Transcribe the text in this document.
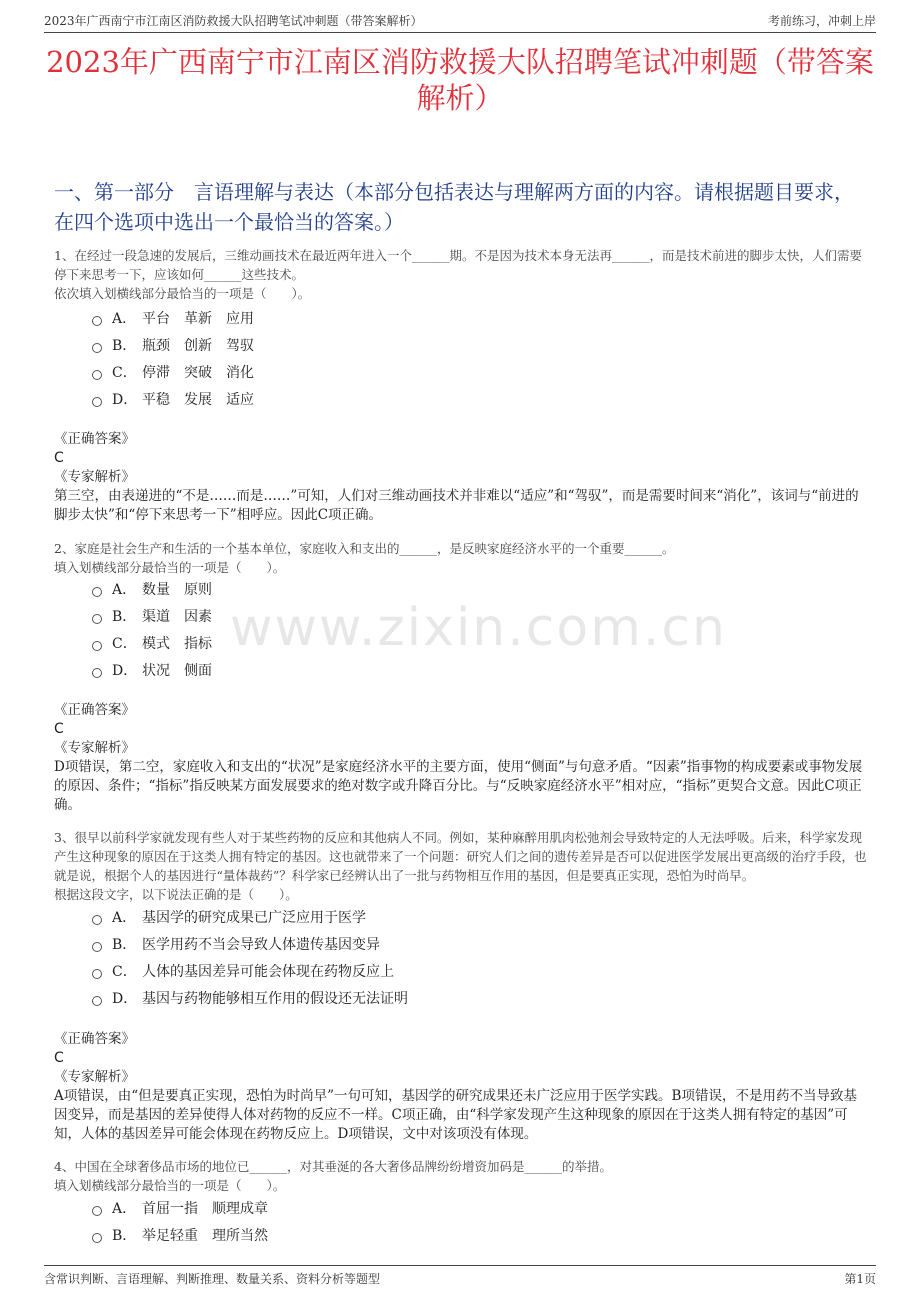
2023年广西南宁市江南区消防救援大队招聘笔试冲刺题（带答案解析）	考前练习，冲刺上岸
2023年广西南宁市江南区消防救援大队招聘笔试冲刺题（带答案解析）
一、第一部分　言语理解与表达（本部分包括表达与理解两方面的内容。请根据题目要求，在四个选项中选出一个最恰当的答案。）
www.zixin.com.cn
1、在经过一段急速的发展后，三维动画技术在最近两年进入一个______期。不是因为技术本身无法再______，而是技术前进的脚步太快，人们需要停下来思考一下，应该如何______这些技术。
依次填入划横线部分最恰当的一项是（　　）。
A． 平台　革新　应用
B． 瓶颈　创新　驾驭
C． 停滞　突破　消化
D． 平稳　发展　适应
《正确答案》
C
《专家解析》
第三空，由表递进的“不是……而是……”可知，人们对三维动画技术并非难以“适应”和“驾驭”，而是需要时间来“消化”，该词与“前进的脚步太快”和“停下来思考一下”相呼应。因此C项正确。
2、家庭是社会生产和生活的一个基本单位，家庭收入和支出的______，是反映家庭经济水平的一个重要______。
填入划横线部分最恰当的一项是（　　）。
A． 数量　原则
B． 渠道　因素
C． 模式　指标
D． 状况　侧面
《正确答案》
C
《专家解析》
D项错误，第二空，家庭收入和支出的“状况”是家庭经济水平的主要方面，使用“侧面”与句意矛盾。“因素”指事物的构成要素或事物发展的原因、条件；“指标”指反映某方面发展要求的绝对数字或升降百分比。与“反映家庭经济水平”相对应，“指标”更契合文意。因此C项正确。
3、很早以前科学家就发现有些人对于某些药物的反应和其他病人不同。例如，某种麻醉用肌肉松弛剂会导致特定的人无法呼吸。后来，科学家发现产生这种现象的原因在于这类人拥有特定的基因。这也就带来了一个问题：研究人们之间的遗传差异是否可以促进医学发展出更高级的治疗手段，也就是说，根据个人的基因进行“量体裁药”？科学家已经辨认出了一批与药物相互作用的基因，但是要真正实现，恐怕为时尚早。
根据这段文字，以下说法正确的是（　　）。
A． 基因学的研究成果已广泛应用于医学
B． 医学用药不当会导致人体遗传基因变异
C． 人体的基因差异可能会体现在药物反应上
D． 基因与药物能够相互作用的假设还无法证明
《正确答案》
C
《专家解析》
A项错误，由“但是要真正实现，恐怕为时尚早”一句可知，基因学的研究成果还未广泛应用于医学实践。B项错误，不是用药不当导致基因变异，而是基因的差异使得人体对药物的反应不一样。C项正确，由“科学家发现产生这种现象的原因在于这类人拥有特定的基因”可知，人体的基因差异可能会体现在药物反应上。D项错误，文中对该项没有体现。
4、中国在全球奢侈品市场的地位已______，对其垂涎的各大奢侈品牌纷纷增资加码是______的举措。
填入划横线部分最恰当的一项是（　　）。
A． 首屈一指　顺理成章
B． 举足轻重　理所当然
含常识判断、言语理解、判断推理、数量关系、资料分析等题型	第1页
